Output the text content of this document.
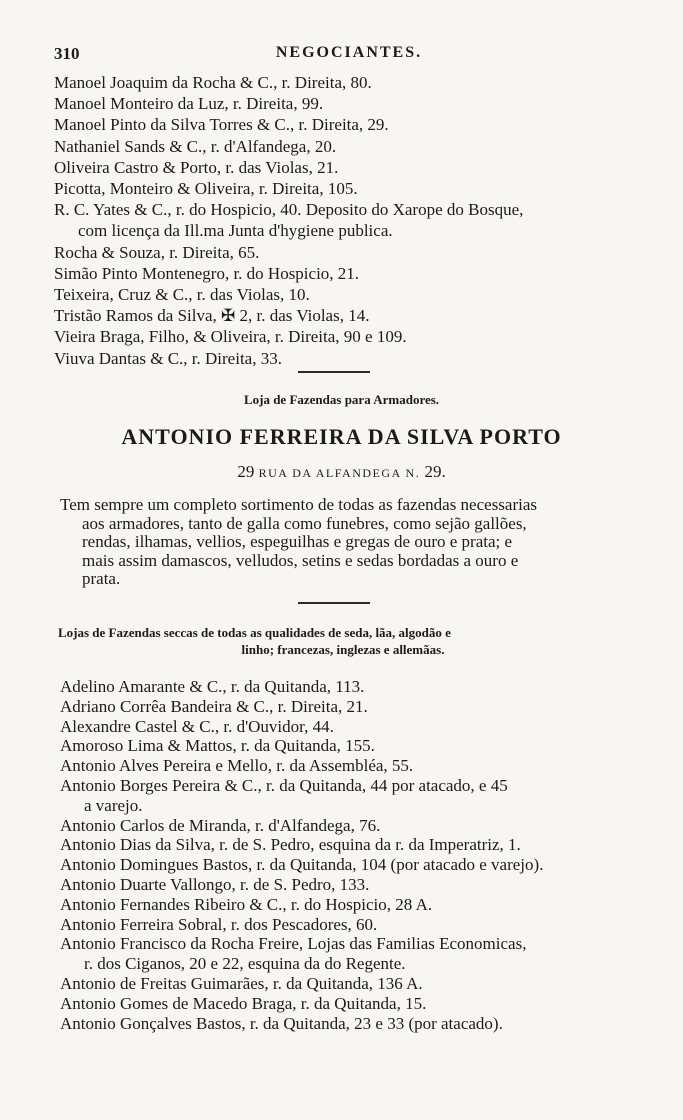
310	NEGOCIANTES.
Manoel Joaquim da Rocha & C., r. Direita, 80.
Manoel Monteiro da Luz, r. Direita, 99.
Manoel Pinto da Silva Torres & C., r. Direita, 29.
Nathaniel Sands & C., r. d'Alfandega, 20.
Oliveira Castro & Porto, r. das Violas, 21.
Picotta, Monteiro & Oliveira, r. Direita, 105.
R. C. Yates & C., r. do Hospicio, 40. Deposito do Xarope do Bosque,
com licença da Ill.ma Junta d'hygiene publica.
Rocha & Souza, r. Direita, 65.
Simão Pinto Montenegro, r. do Hospicio, 21.
Teixeira, Cruz & C., r. das Violas, 10.
Tristão Ramos da Silva, ✠ 2, r. das Violas, 14.
Vieira Braga, Filho, & Oliveira, r. Direita, 90 e 109.
Viuva Dantas & C., r. Direita, 33.
Loja de Fazendas para Armadores.
ANTONIO FERREIRA DA SILVA PORTO
29 RUA DA ALFANDEGA N. 29.
Tem sempre um completo sortimento de todas as fazendas necessarias
aos armadores, tanto de galla como funebres, como sejão gallões,
rendas, ilhamas, vellios, espeguilhas e gregas de ouro e prata; e
mais assim damascos, velludos, setins e sedas bordadas a ouro e
prata.
Lojas de Fazendas seccas de todas as qualidades de seda, lãa, algodão e
linho; francezas, inglezas e allemãas.
Adelino Amarante & C., r. da Quitanda, 113.
Adriano Corrêa Bandeira & C., r. Direita, 21.
Alexandre Castel & C., r. d'Ouvidor, 44.
Amoroso Lima & Mattos, r. da Quitanda, 155.
Antonio Alves Pereira e Mello, r. da Assembléa, 55.
Antonio Borges Pereira & C., r. da Quitanda, 44 por atacado, e 45
a varejo.
Antonio Carlos de Miranda, r. d'Alfandega, 76.
Antonio Dias da Silva, r. de S. Pedro, esquina da r. da Imperatriz, 1.
Antonio Domingues Bastos, r. da Quitanda, 104 (por atacado e varejo).
Antonio Duarte Vallongo, r. de S. Pedro, 133.
Antonio Fernandes Ribeiro & C., r. do Hospicio, 28 A.
Antonio Ferreira Sobral, r. dos Pescadores, 60.
Antonio Francisco da Rocha Freire, Lojas das Familias Economicas,
r. dos Ciganos, 20 e 22, esquina da do Regente.
Antonio de Freitas Guimarães, r. da Quitanda, 136 A.
Antonio Gomes de Macedo Braga, r. da Quitanda, 15.
Antonio Gonçalves Bastos, r. da Quitanda, 23 e 33 (por atacado).
